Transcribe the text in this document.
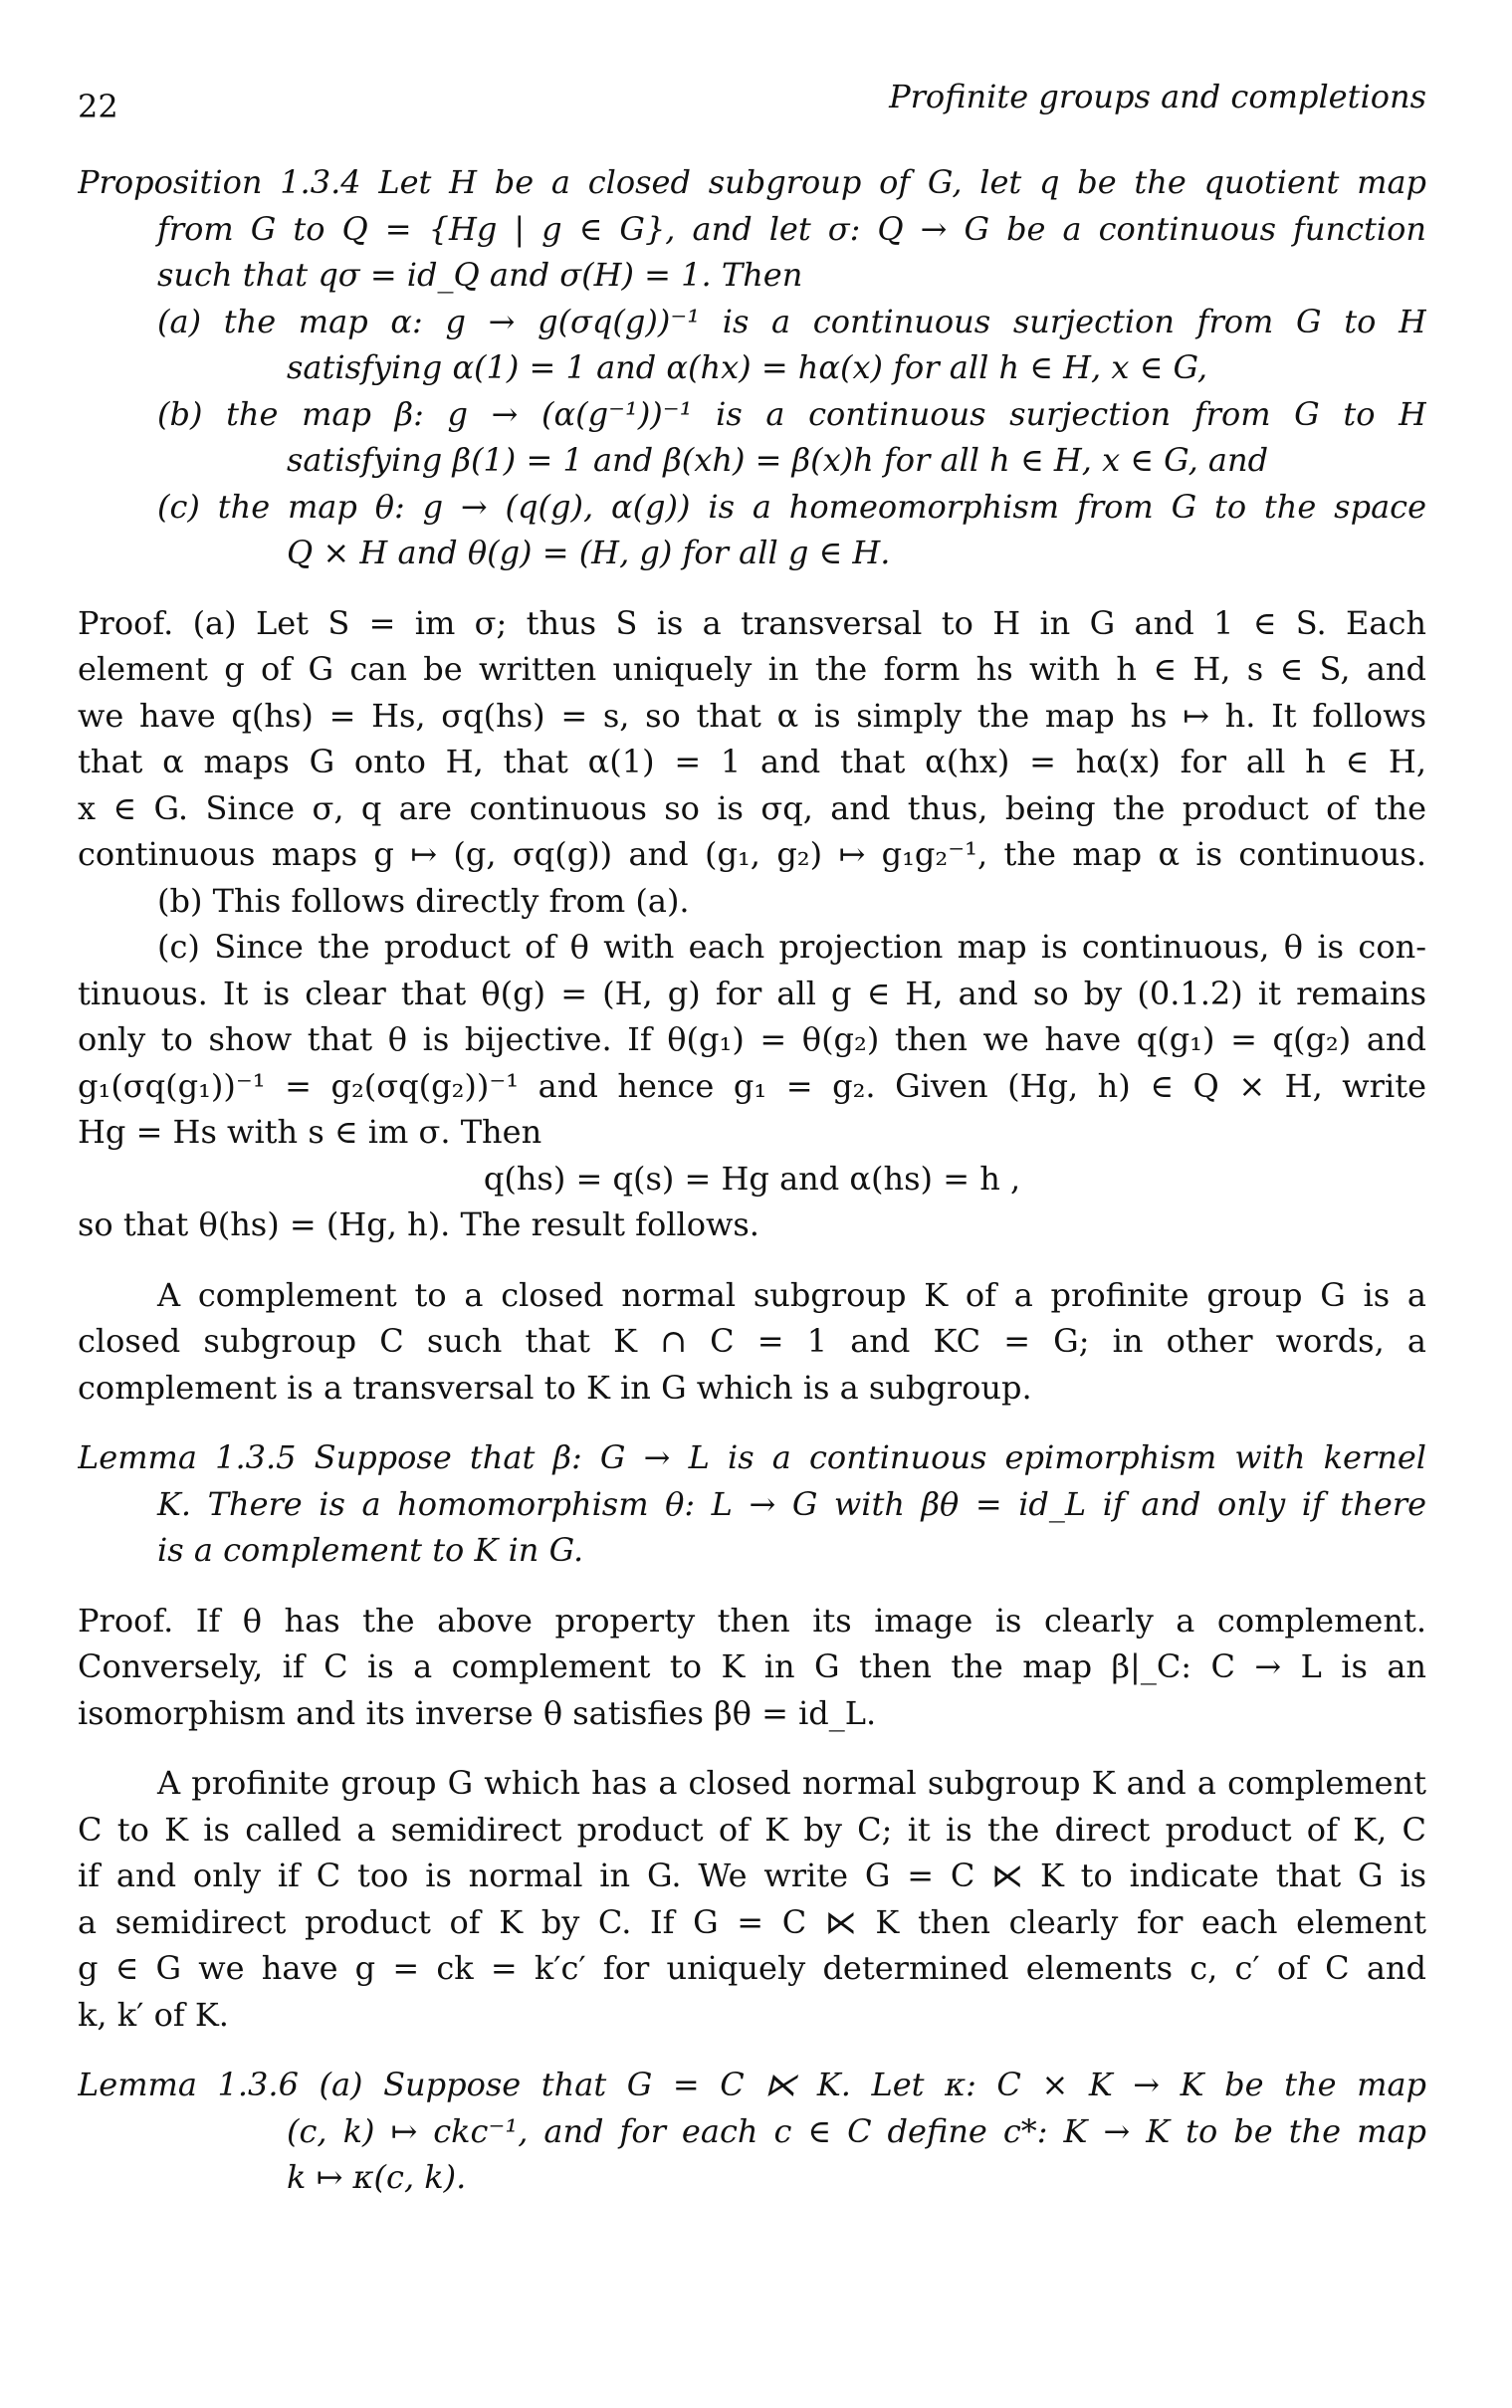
22	Profinite groups and completions
Proposition 1.3.4 Let H be a closed subgroup of G, let q be the quotient map
from G to Q = {Hg | g ∈ G}, and let σ: Q → G be a continuous function
such that qσ = id_Q and σ(H) = 1. Then
(a) the map α: g → g(σq(g))⁻¹ is a continuous surjection from G to H
satisfying α(1) = 1 and α(hx) = hα(x) for all h ∈ H, x ∈ G,
(b) the map β: g → (α(g⁻¹))⁻¹ is a continuous surjection from G to H
satisfying β(1) = 1 and β(xh) = β(x)h for all h ∈ H, x ∈ G, and
(c) the map θ: g → (q(g), α(g)) is a homeomorphism from G to the space
Q × H and θ(g) = (H, g) for all g ∈ H.
Proof. (a) Let S = im σ; thus S is a transversal to H in G and 1 ∈ S. Each
element g of G can be written uniquely in the form hs with h ∈ H, s ∈ S, and
we have q(hs) = Hs, σq(hs) = s, so that α is simply the map hs ↦ h. It follows
that α maps G onto H, that α(1) = 1 and that α(hx) = hα(x) for all h ∈ H,
x ∈ G. Since σ, q are continuous so is σq, and thus, being the product of the
continuous maps g ↦ (g, σq(g)) and (g₁, g₂) ↦ g₁g₂⁻¹, the map α is continuous.
(b) This follows directly from (a).
(c) Since the product of θ with each projection map is continuous, θ is con-
tinuous. It is clear that θ(g) = (H, g) for all g ∈ H, and so by (0.1.2) it remains
only to show that θ is bijective. If θ(g₁) = θ(g₂) then we have q(g₁) = q(g₂) and
g₁(σq(g₁))⁻¹ = g₂(σq(g₂))⁻¹ and hence g₁ = g₂. Given (Hg, h) ∈ Q × H, write
Hg = Hs with s ∈ im σ. Then
q(hs) = q(s) = Hg and α(hs) = h ,
so that θ(hs) = (Hg, h). The result follows.
A complement to a closed normal subgroup K of a profinite group G is a
closed subgroup C such that K ∩ C = 1 and KC = G; in other words, a
complement is a transversal to K in G which is a subgroup.
Lemma 1.3.5 Suppose that β: G → L is a continuous epimorphism with kernel
K. There is a homomorphism θ: L → G with βθ = id_L if and only if there
is a complement to K in G.
Proof. If θ has the above property then its image is clearly a complement.
Conversely, if C is a complement to K in G then the map β|_C: C → L is an
isomorphism and its inverse θ satisfies βθ = id_L.
A profinite group G which has a closed normal subgroup K and a complement
C to K is called a semidirect product of K by C; it is the direct product of K, C
if and only if C too is normal in G. We write G = C ⋉ K to indicate that G is
a semidirect product of K by C. If G = C ⋉ K then clearly for each element
g ∈ G we have g = ck = k′c′ for uniquely determined elements c, c′ of C and
k, k′ of K.
Lemma 1.3.6 (a) Suppose that G = C ⋉ K. Let κ: C × K → K be the map
(c, k) ↦ ckc⁻¹, and for each c ∈ C define c*: K → K to be the map
k ↦ κ(c, k).
